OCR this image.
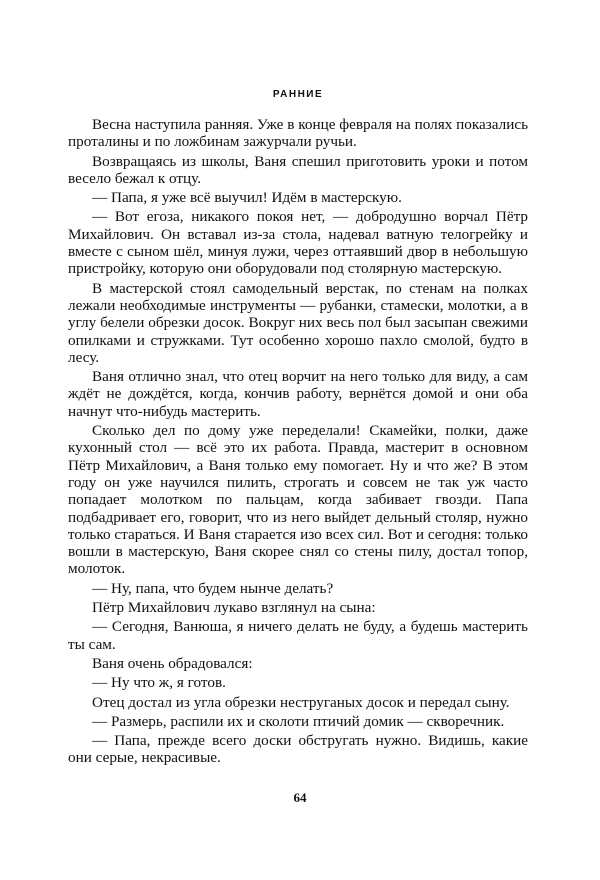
РАННИЕ

Весна наступила ранняя. Уже в конце февраля на полях показались проталины и по ложбинам зажурчали ручьи.

Возвращаясь из школы, Ваня спешил приготовить уроки и потом весело бежал к отцу.

— Папа, я уже всё выучил! Идём в мастерскую.

— Вот егоза, никакого покоя нет, — добродушно ворчал Пётр Михайлович. Он вставал из-за стола, надевал ватную телогрейку и вместе с сыном шёл, минуя лужи, через оттаявший двор в небольшую пристройку, которую они оборудовали под столярную мастерскую.

В мастерской стоял самодельный верстак, по стенам на полках лежали необходимые инструменты — рубанки, стамески, молотки, а в углу белели обрезки досок. Вокруг них весь пол был засыпан свежими опилками и стружками. Тут особенно хорошо пахло смолой, будто в лесу.

Ваня отлично знал, что отец ворчит на него только для виду, а сам ждёт не дождётся, когда, кончив работу, вернётся домой и они оба начнут что-нибудь мастерить.

Сколько дел по дому уже переделали! Скамейки, полки, даже кухонный стол — всё это их работа. Правда, мастерит в основном Пётр Михайлович, а Ваня только ему помогает. Ну и что же? В этом году он уже научился пилить, строгать и совсем не так уж часто попадает молотком по пальцам, когда забивает гвозди. Папа подбадривает его, говорит, что из него выйдет дельный столяр, нужно только стараться. И Ваня старается изо всех сил. Вот и сегодня: только вошли в мастерскую, Ваня скорее снял со стены пилу, достал топор, молоток.

— Ну, папа, что будем нынче делать?

Пётр Михайлович лукаво взглянул на сына:

— Сегодня, Ванюша, я ничего делать не буду, а будешь мастерить ты сам.

Ваня очень обрадовался:

— Ну что ж, я готов.

Отец достал из угла обрезки неструганых досок и передал сыну.

— Размерь, распили их и сколоти птичий домик — скворечник.

— Папа, прежде всего доски обстругать нужно. Видишь, какие они серые, некрасивые.

64
